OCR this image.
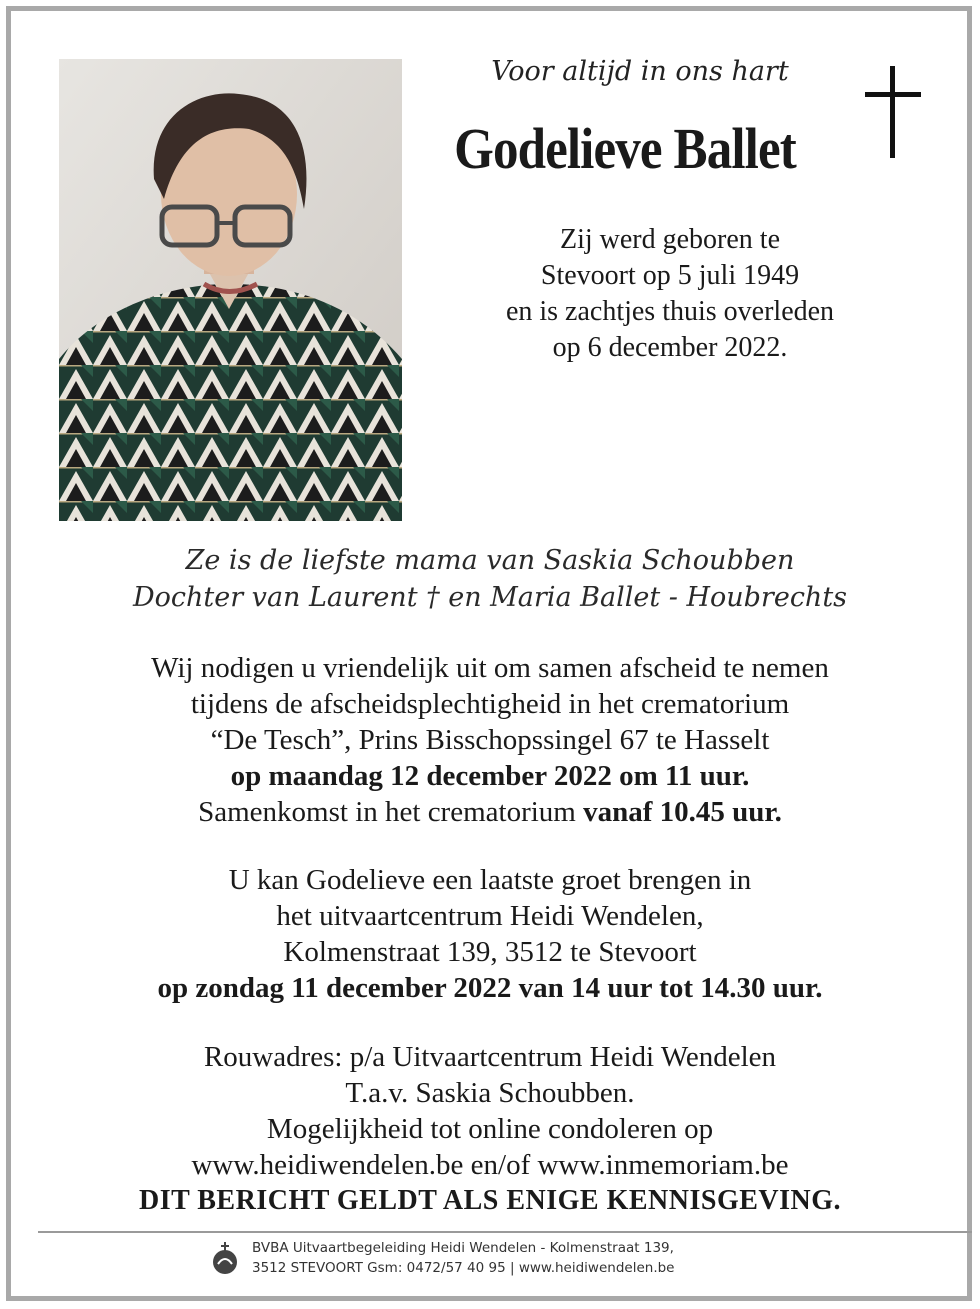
Voor altijd in ons hart
Godelieve Ballet
Zij werd geboren te
Stevoort op 5 juli 1949
en is zachtjes thuis overleden
op 6 december 2022.
Ze is de liefste mama van Saskia Schoubben
Dochter van Laurent † en Maria Ballet - Houbrechts
Wij nodigen u vriendelijk uit om samen afscheid te nemen
tijdens de afscheidsplechtigheid in het crematorium
“De Tesch”, Prins Bisschopssingel 67 te Hasselt
op maandag 12 december 2022 om 11 uur.
Samenkomst in het crematorium vanaf 10.45 uur.
U kan Godelieve een laatste groet brengen in
het uitvaartcentrum Heidi Wendelen,
Kolmenstraat 139, 3512 te Stevoort
op zondag 11 december 2022 van 14 uur tot 14.30 uur.
Rouwadres: p/a Uitvaartcentrum Heidi Wendelen
T.a.v. Saskia Schoubben.
Mogelijkheid tot online condoleren op
www.heidiwendelen.be en/of www.inmemoriam.be
DIT BERICHT GELDT ALS ENIGE KENNISGEVING.
BVBA Uitvaartbegeleiding Heidi Wendelen - Kolmenstraat 139,
3512 STEVOORT Gsm: 0472/57 40 95 | www.heidiwendelen.be
